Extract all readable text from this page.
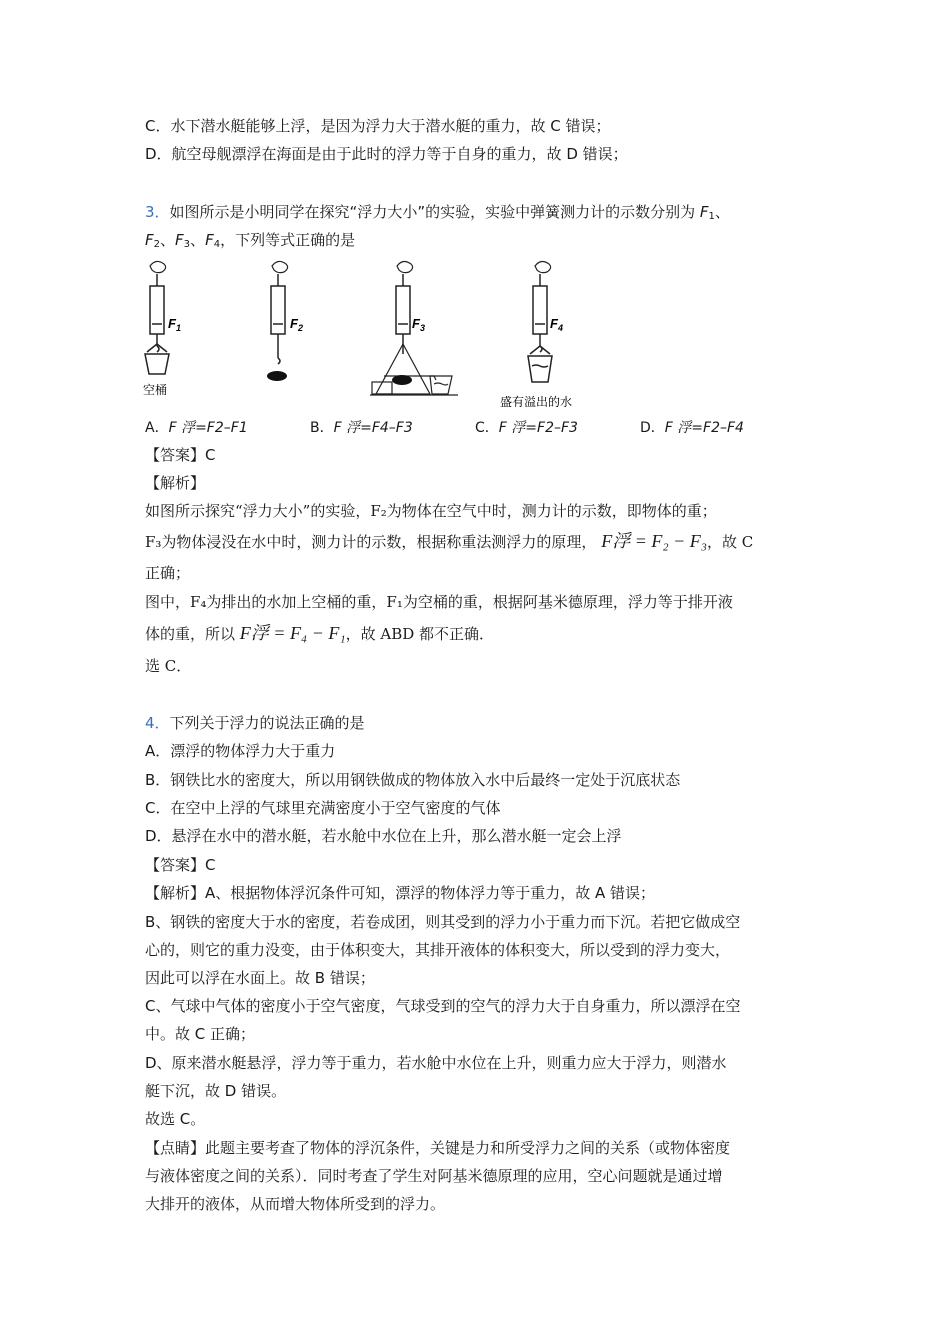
C．水下潜水艇能够上浮，是因为浮力大于潜水艇的重力，故 C 错误；
D．航空母舰漂浮在海面是由于此时的浮力等于自身的重力，故 D 错误；
3．如图所示是小明同学在探究“浮力大小”的实验，实验中弹簧测力计的示数分别为 $F_1$、
$F_2$、$F_3$、$F_4$，下列等式正确的是
$F_1$
空桶
$F_2$	$F_3$	$F_4$
盛有溢出的水
A．F 浮=F2–F1	B．F 浮=F4–F3	C．F 浮=F2–F3	D．F 浮=F2–F4
【答案】C
【解析】
如图所示探究“浮力大小”的实验，F₂为物体在空气中时，测力计的示数，即物体的重；
F₃为物体浸没在水中时，测力计的示数，根据称重法测浮力的原理， F浮 = F₂ − F₃，故 C
正确；
图中，F₄为排出的水加上空桶的重，F₁为空桶的重，根据阿基米德原理，浮力等于排开液
体的重，所以 F浮 = F₄ − F₁，故 ABD 都不正确．
选 C．
4．下列关于浮力的说法正确的是
A．漂浮的物体浮力大于重力
B．钢铁比水的密度大，所以用钢铁做成的物体放入水中后最终一定处于沉底状态
C．在空中上浮的气球里充满密度小于空气密度的气体
D．悬浮在水中的潜水艇，若水舱中水位在上升，那么潜水艇一定会上浮
【答案】C
【解析】A、根据物体浮沉条件可知，漂浮的物体浮力等于重力，故 A 错误；
B、钢铁的密度大于水的密度，若卷成团，则其受到的浮力小于重力而下沉。若把它做成空
心的，则它的重力没变，由于体积变大，其排开液体的体积变大，所以受到的浮力变大，
因此可以浮在水面上。故 B 错误；
C、气球中气体的密度小于空气密度，气球受到的空气的浮力大于自身重力，所以漂浮在空
中。故 C 正确；
D、原来潜水艇悬浮，浮力等于重力，若水舱中水位在上升，则重力应大于浮力，则潜水
艇下沉，故 D 错误。
故选 C。
【点睛】此题主要考查了物体的浮沉条件，关键是力和所受浮力之间的关系（或物体密度
与液体密度之间的关系）．同时考查了学生对阿基米德原理的应用，空心问题就是通过增
大排开的液体，从而增大物体所受到的浮力。
